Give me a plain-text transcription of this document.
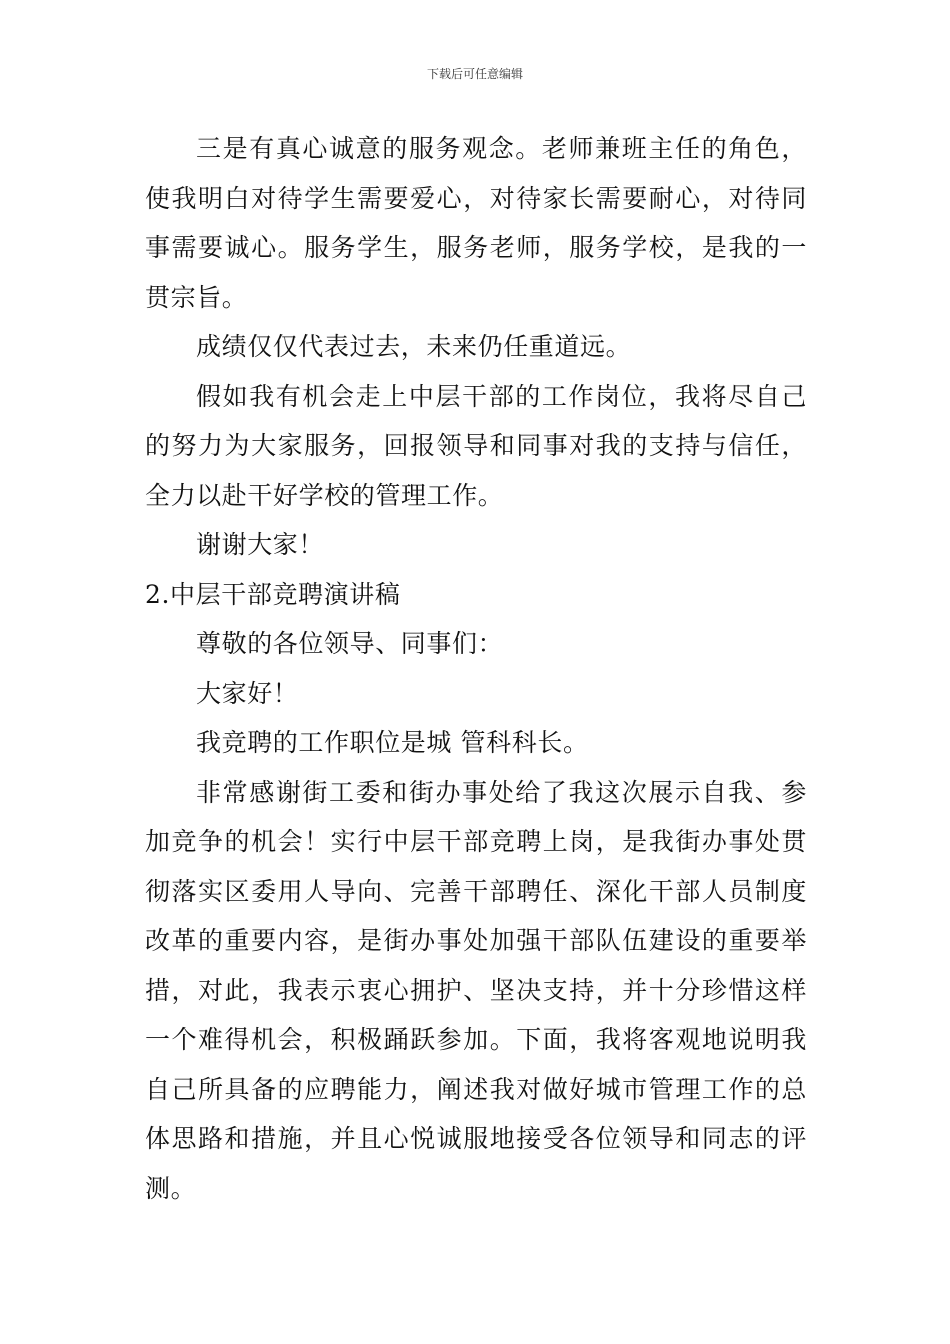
下载后可任意编辑

三是有真心诚意的服务观念。老师兼班主任的角色，使我明白对待学生需要爱心，对待家长需要耐心，对待同事需要诚心。服务学生，服务老师，服务学校，是我的一贯宗旨。

成绩仅仅代表过去，未来仍任重道远。

假如我有机会走上中层干部的工作岗位，我将尽自己的努力为大家服务，回报领导和同事对我的支持与信任，全力以赴干好学校的管理工作。

谢谢大家！

2.中层干部竞聘演讲稿

尊敬的各位领导、同事们：

大家好！

我竞聘的工作职位是城 管科科长。

非常感谢街工委和街办事处给了我这次展示自我、参加竞争的机会！实行中层干部竞聘上岗，是我街办事处贯彻落实区委用人导向、完善干部聘任、深化干部人员制度改革的重要内容，是街办事处加强干部队伍建设的重要举措，对此，我表示衷心拥护、坚决支持，并十分珍惜这样一个难得机会，积极踊跃参加。下面，我将客观地说明我自己所具备的应聘能力，阐述我对做好城市管理工作的总体思路和措施，并且心悦诚服地接受各位领导和同志的评测。
